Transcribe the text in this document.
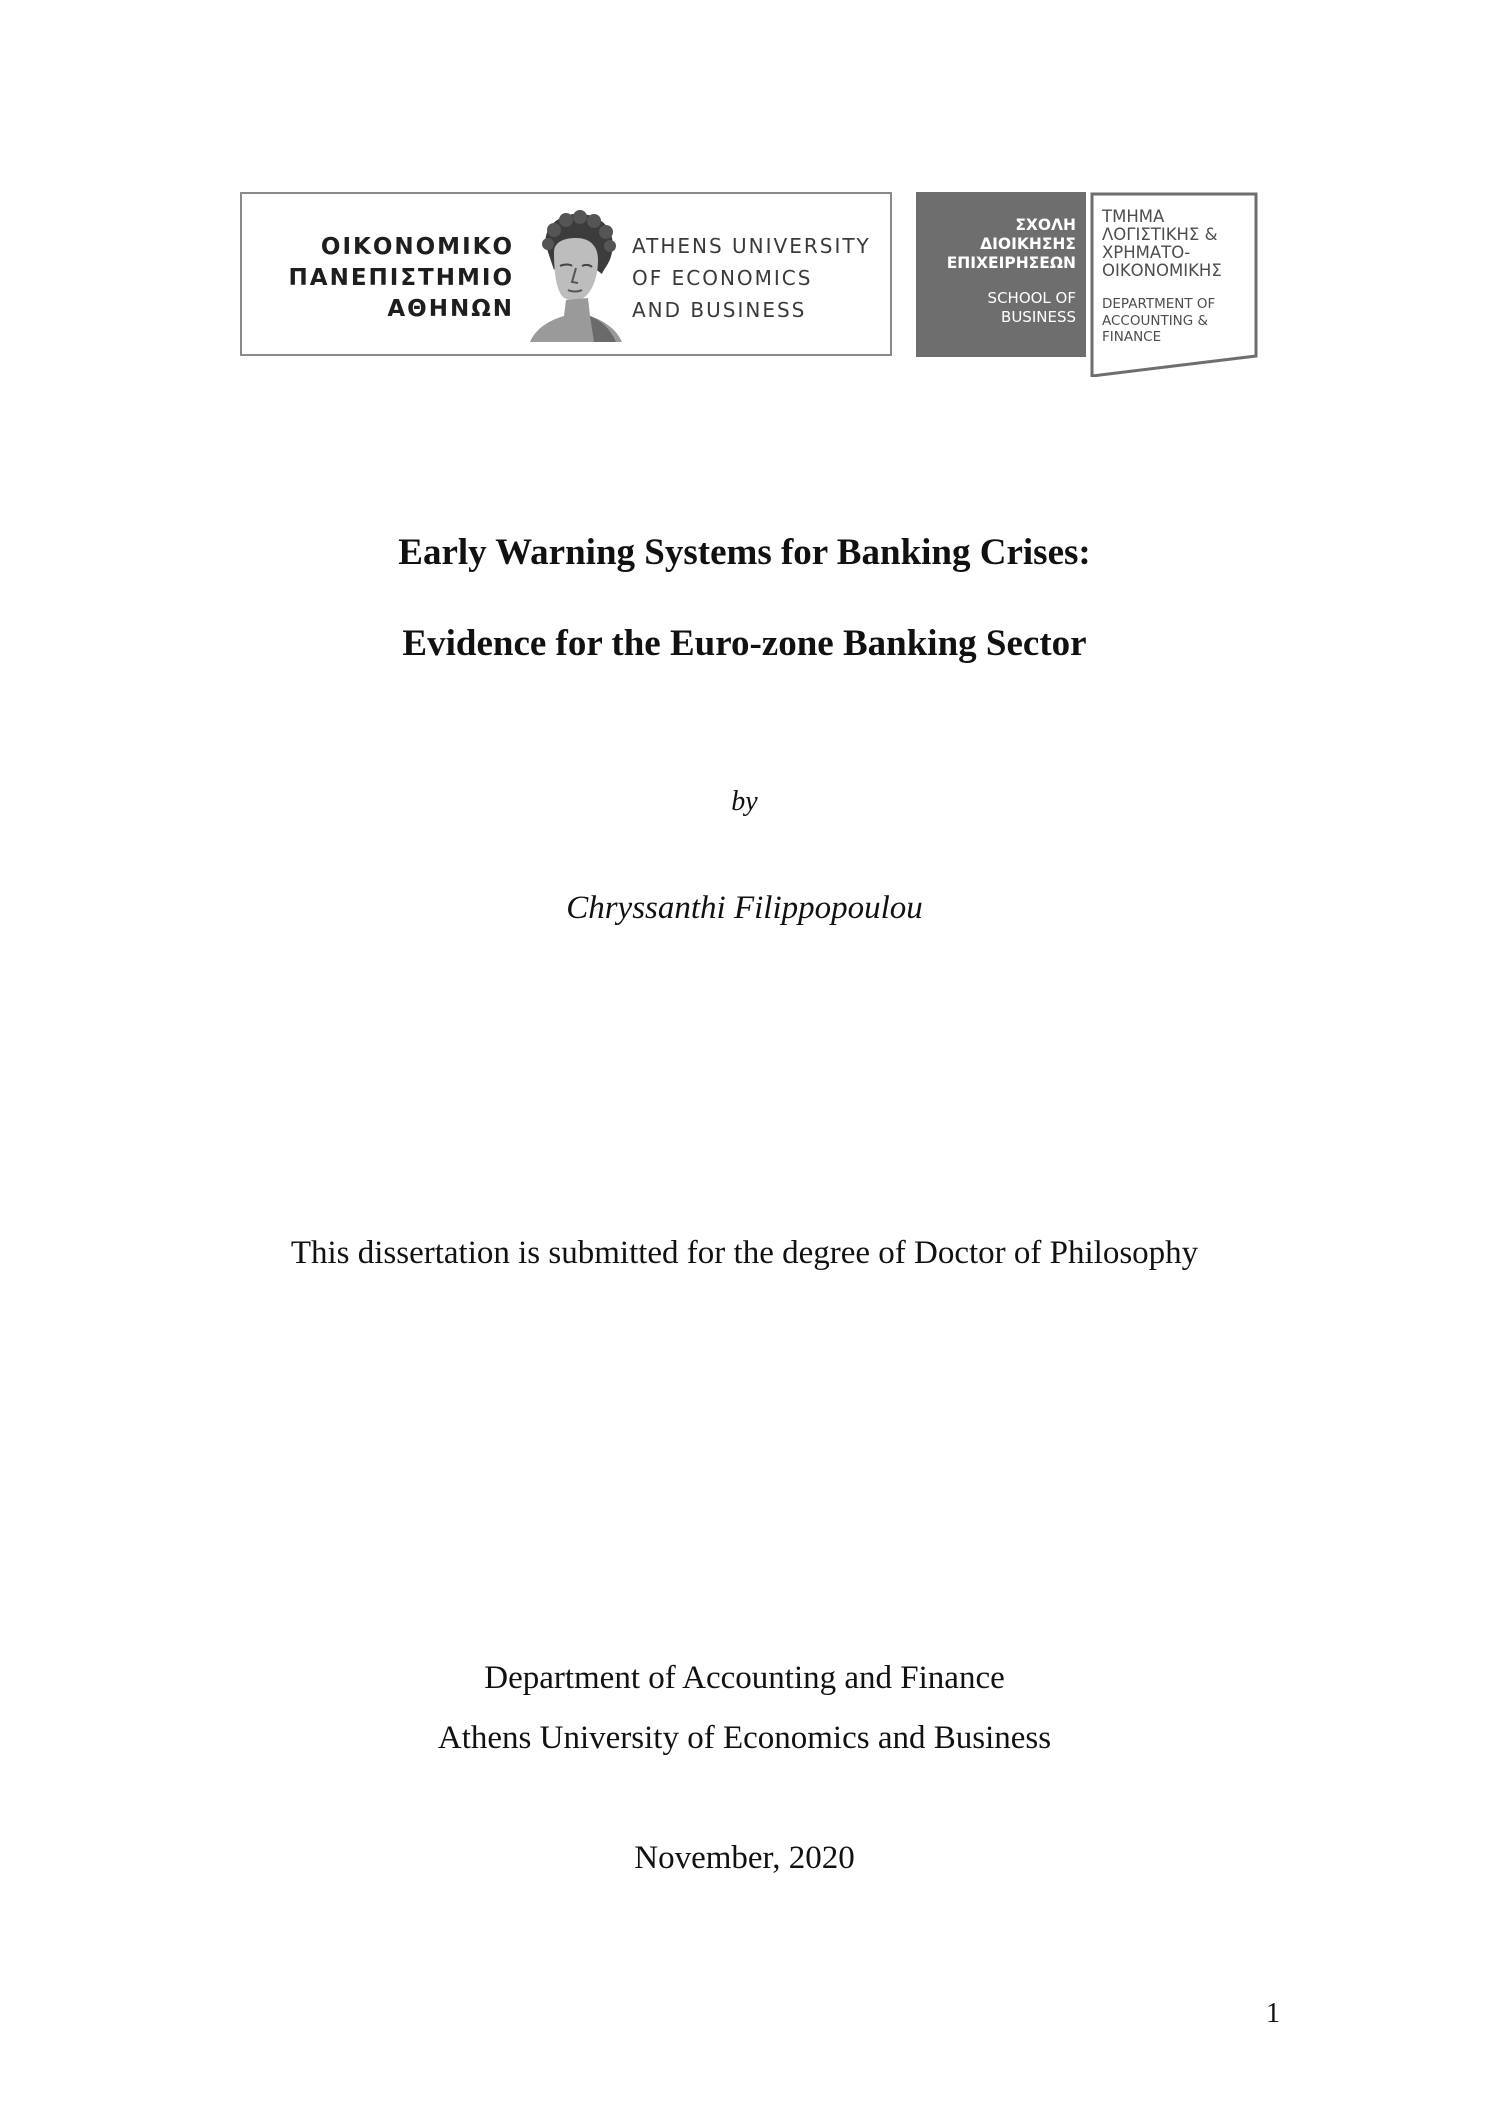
ΟΙΚΟΝΟΜΙΚΟ
ΠΑΝΕΠΙΣΤΗΜΙΟ
ΑΘΗΝΩΝ
ATHENS UNIVERSITY
OF ECONOMICS
AND BUSINESS
ΣΧΟΛΗ
ΔΙΟΙΚΗΣΗΣ
ΕΠΙΧΕΙΡΗΣΕΩΝ
SCHOOL OF
BUSINESS
ΤΜΗΜΑ
ΛΟΓΙΣΤΙΚΗΣ &
ΧΡΗΜΑΤΟ-
ΟΙΚΟΝΟΜΙΚΗΣ
DEPARTMENT OF
ACCOUNTING &
FINANCE
Early Warning Systems for Banking Crises:
Evidence for the Euro-zone Banking Sector
by
Chryssanthi Filippopoulou
This dissertation is submitted for the degree of Doctor of Philosophy
Department of Accounting and Finance
Athens University of Economics and Business
November, 2020
1
